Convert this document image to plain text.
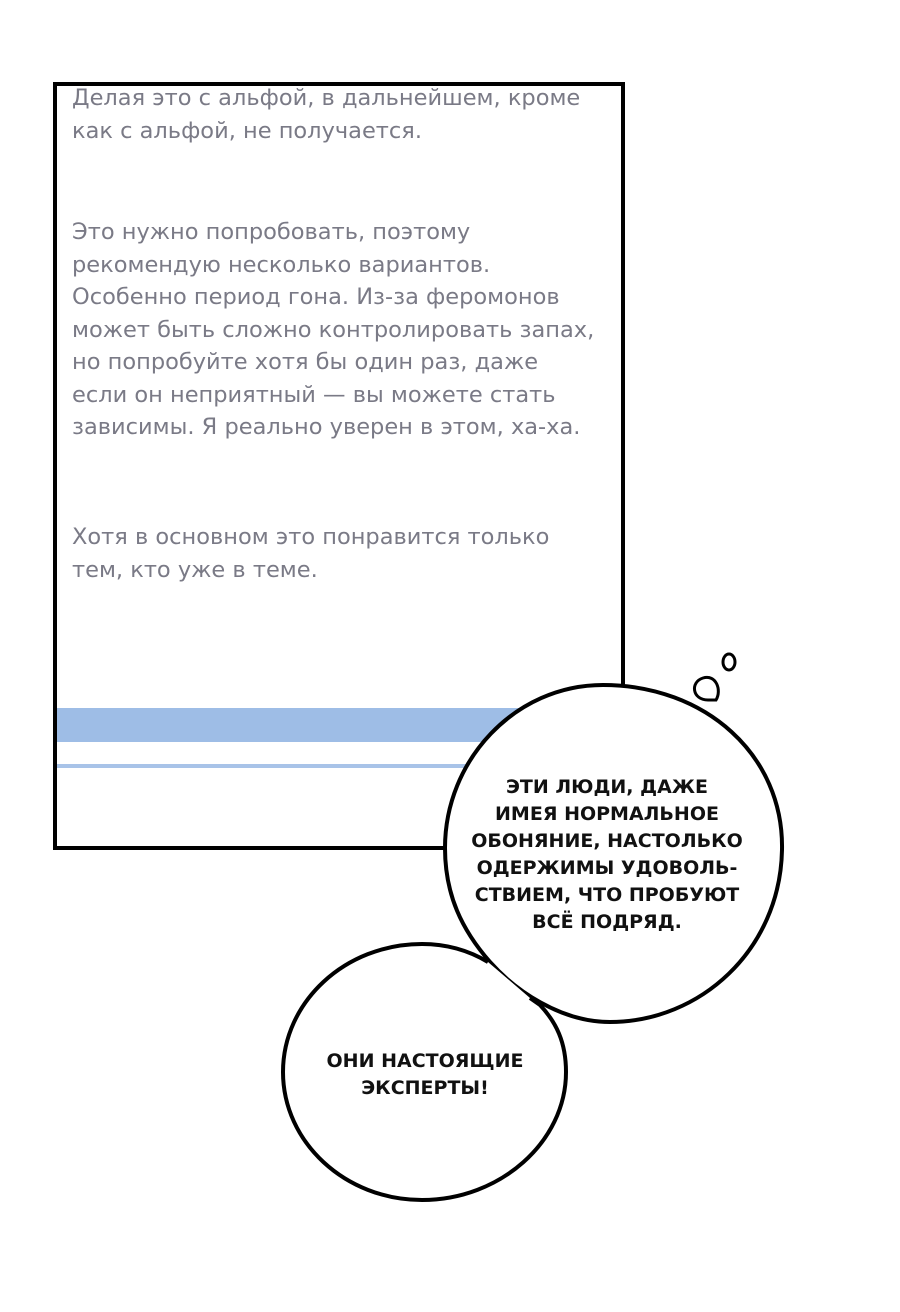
Делая это с альфой, в дальнейшем, кроме
как с альфой, не получается.

Это нужно попробовать, поэтому
рекомендую несколько вариантов.
Особенно период гона. Из-за феромонов
может быть сложно контролировать запах,
но попробуйте хотя бы один раз, даже
если он неприятный — вы можете стать
зависимы. Я реально уверен в этом, ха-ха.

Хотя в основном это понравится только
тем, кто уже в теме.

ЭТИ ЛЮДИ, ДАЖЕ
ИМЕЯ НОРМАЛЬНОЕ
ОБОНЯНИЕ, НАСТОЛЬКО
ОДЕРЖИМЫ УДОВОЛЬ-
СТВИЕМ, ЧТО ПРОБУЮТ
ВСЁ ПОДРЯД.

ОНИ НАСТОЯЩИЕ
ЭКСПЕРТЫ!
